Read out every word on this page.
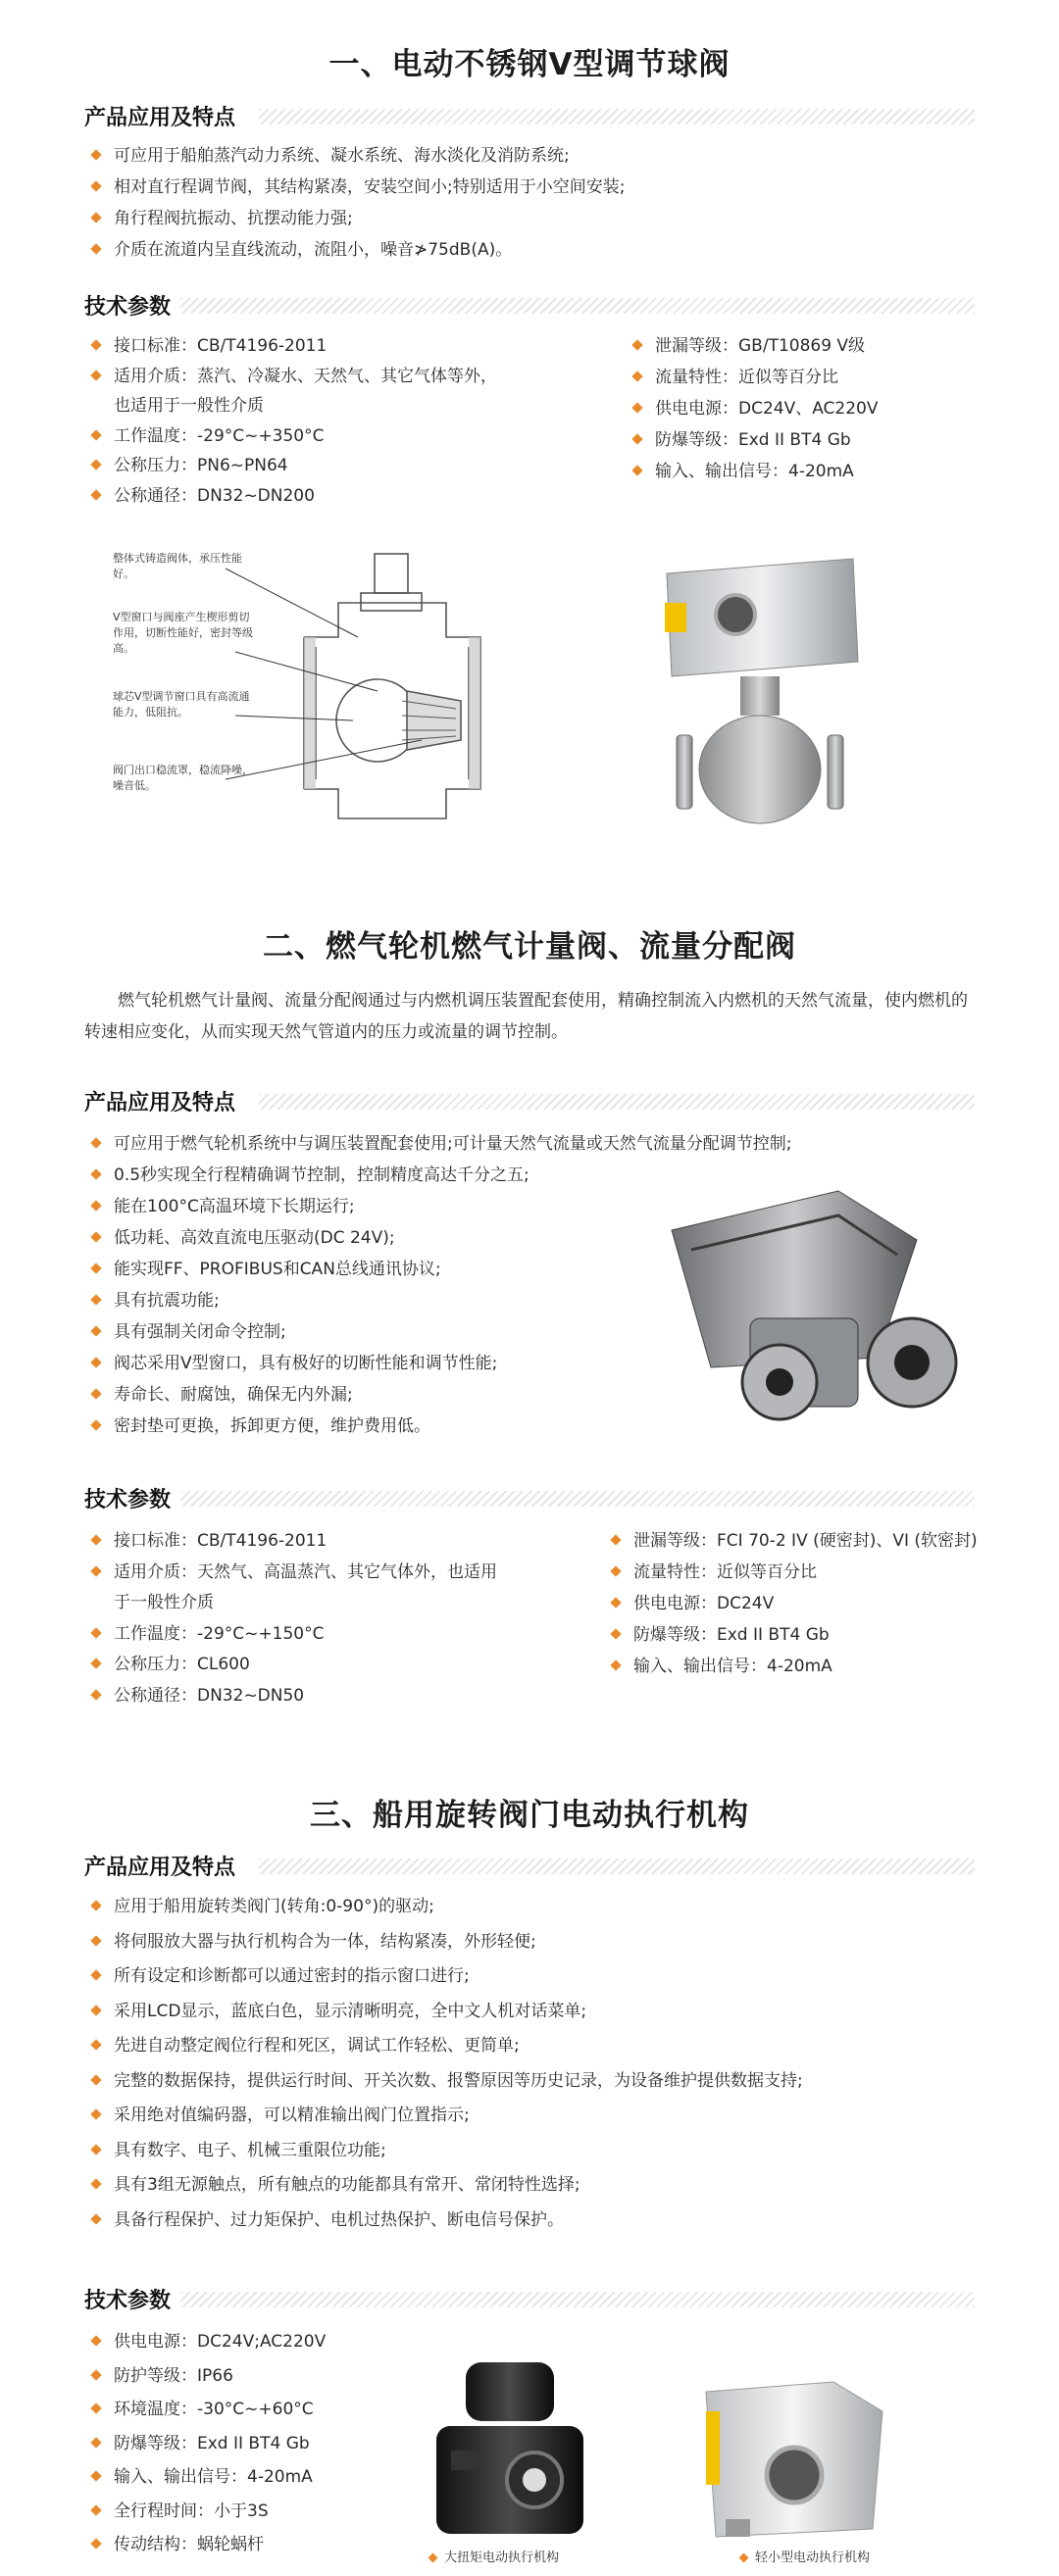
一、电动不锈钢V型调节球阀
产品应用及特点
可应用于船舶蒸汽动力系统、凝水系统、海水淡化及消防系统;
相对直行程调节阀，其结构紧凑，安装空间小;特别适用于小空间安装;
角行程阀抗振动、抗摆动能力强;
介质在流道内呈直线流动，流阻小，噪音≯75dB(A)。
技术参数
接口标准：CB/T4196-2011
适用介质：蒸汽、冷凝水、天然气、其它气体等外，
也适用于一般性介质
工作温度：-29°C~+350°C
公称压力：PN6~PN64
公称通径：DN32~DN200
泄漏等级：GB/T10869 V级
流量特性：近似等百分比
供电电源：DC24V、AC220V
防爆等级：Exd II BT4 Gb
输入、输出信号：4-20mA
整体式铸造阀体，承压性能好。
V型窗口与阀座产生楔形剪切作用，切断性能好，密封等级高。
球芯V型调节窗口具有高流通能力，低阻抗。
阀门出口稳流罩，稳流降噪，噪音低。
二、燃气轮机燃气计量阀、流量分配阀
燃气轮机燃气计量阀、流量分配阀通过与内燃机调压装置配套使用，精确控制流入内燃机的天然气流量，使内燃机的转速相应变化，从而实现天然气管道内的压力或流量的调节控制。
产品应用及特点
可应用于燃气轮机系统中与调压装置配套使用;可计量天然气流量或天然气流量分配调节控制;
0.5秒实现全行程精确调节控制，控制精度高达千分之五;
能在100°C高温环境下长期运行;
低功耗、高效直流电压驱动(DC 24V);
能实现FF、PROFIBUS和CAN总线通讯协议;
具有抗震功能;
具有强制关闭命令控制;
阀芯采用V型窗口，具有极好的切断性能和调节性能;
寿命长、耐腐蚀，确保无内外漏;
密封垫可更换，拆卸更方便，维护费用低。
技术参数
接口标准：CB/T4196-2011
适用介质：天然气、高温蒸汽、其它气体外，也适用
于一般性介质
工作温度：-29°C~+150°C
公称压力：CL600
公称通径：DN32~DN50
泄漏等级：FCI 70-2 IV (硬密封)、VI (软密封)
流量特性：近似等百分比
供电电源：DC24V
防爆等级：Exd II BT4 Gb
输入、输出信号：4-20mA
三、船用旋转阀门电动执行机构
产品应用及特点
应用于船用旋转类阀门(转角:0-90°)的驱动;
将伺服放大器与执行机构合为一体，结构紧凑，外形轻便;
所有设定和诊断都可以通过密封的指示窗口进行;
采用LCD显示，蓝底白色，显示清晰明亮，全中文人机对话菜单;
先进自动整定阀位行程和死区，调试工作轻松、更简单;
完整的数据保持，提供运行时间、开关次数、报警原因等历史记录，为设备维护提供数据支持;
采用绝对值编码器，可以精准输出阀门位置指示;
具有数字、电子、机械三重限位功能;
具有3组无源触点，所有触点的功能都具有常开、常闭特性选择;
具备行程保护、过力矩保护、电机过热保护、断电信号保护。
技术参数
供电电源：DC24V;AC220V
防护等级：IP66
环境温度：-30°C~+60°C
防爆等级：Exd II BT4 Gb
输入、输出信号：4-20mA
全行程时间：小于3S
传动结构：蜗轮蜗杆
大扭矩电动执行机构	轻小型电动执行机构
